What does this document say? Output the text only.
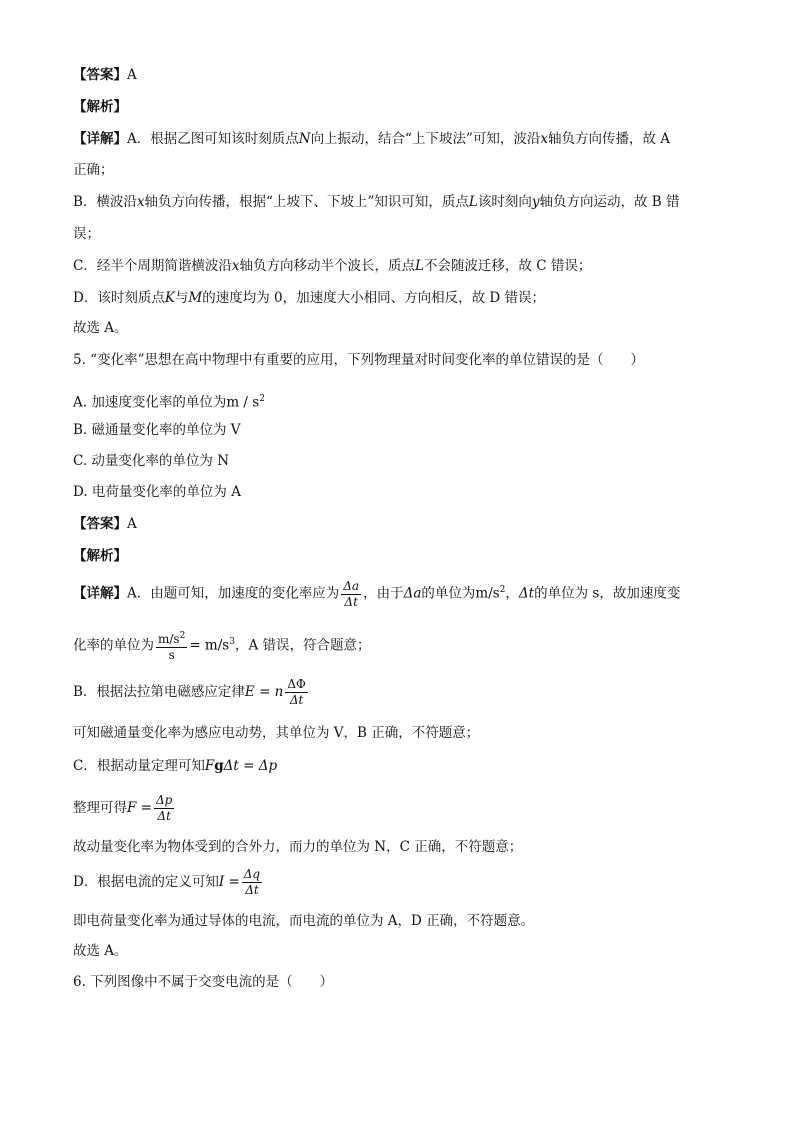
【答案】A
【解析】
【详解】A．根据乙图可知该时刻质点N向上振动，结合“上下坡法”可知，波沿x轴负方向传播，故 A
正确；
B．横波沿x轴负方向传播，根据“上坡下、下坡上”知识可知，质点L该时刻向y轴负方向运动，故 B 错
误；
C．经半个周期简谐横波沿x轴负方向移动半个波长，质点L不会随波迁移，故 C 错误；
D．该时刻质点K与M的速度均为 0，加速度大小相同、方向相反，故 D 错误；
故选 A。
5. “变化率”思想在高中物理中有重要的应用，下列物理量对时间变化率的单位错误的是（　　）
A. 加速度变化率的单位为m / $s^2$
B. 磁通量变化率的单位为 V
C. 动量变化率的单位为 N
D. 电荷量变化率的单位为 A
【答案】A
【解析】
【详解】A．由题可知，加速度的变化率应为 $\frac{\Delta a}{\Delta t}$ ，由于Δa的单位为$m/s^2$，Δt的单位为 s，故加速度变
化率的单位为 $\frac{m/s^2}{s} = m/s^3$，A 错误，符合题意；
B．根据法拉第电磁感应定律E = n $\frac{\Delta\Phi}{\Delta t}$
可知磁通量变化率为感应电动势，其单位为 V，B 正确，不符题意；
C．根据动量定理可知FgΔt = Δp
整理可得$F = \frac{\Delta p}{\Delta t}$
故动量变化率为物体受到的合外力，而力的单位为 N，C 正确，不符题意；
D．根据电流的定义可知$I = \frac{\Delta q}{\Delta t}$
即电荷量变化率为通过导体的电流，而电流的单位为 A，D 正确，不符题意。
故选 A。
6. 下列图像中不属于交变电流的是（　　）
